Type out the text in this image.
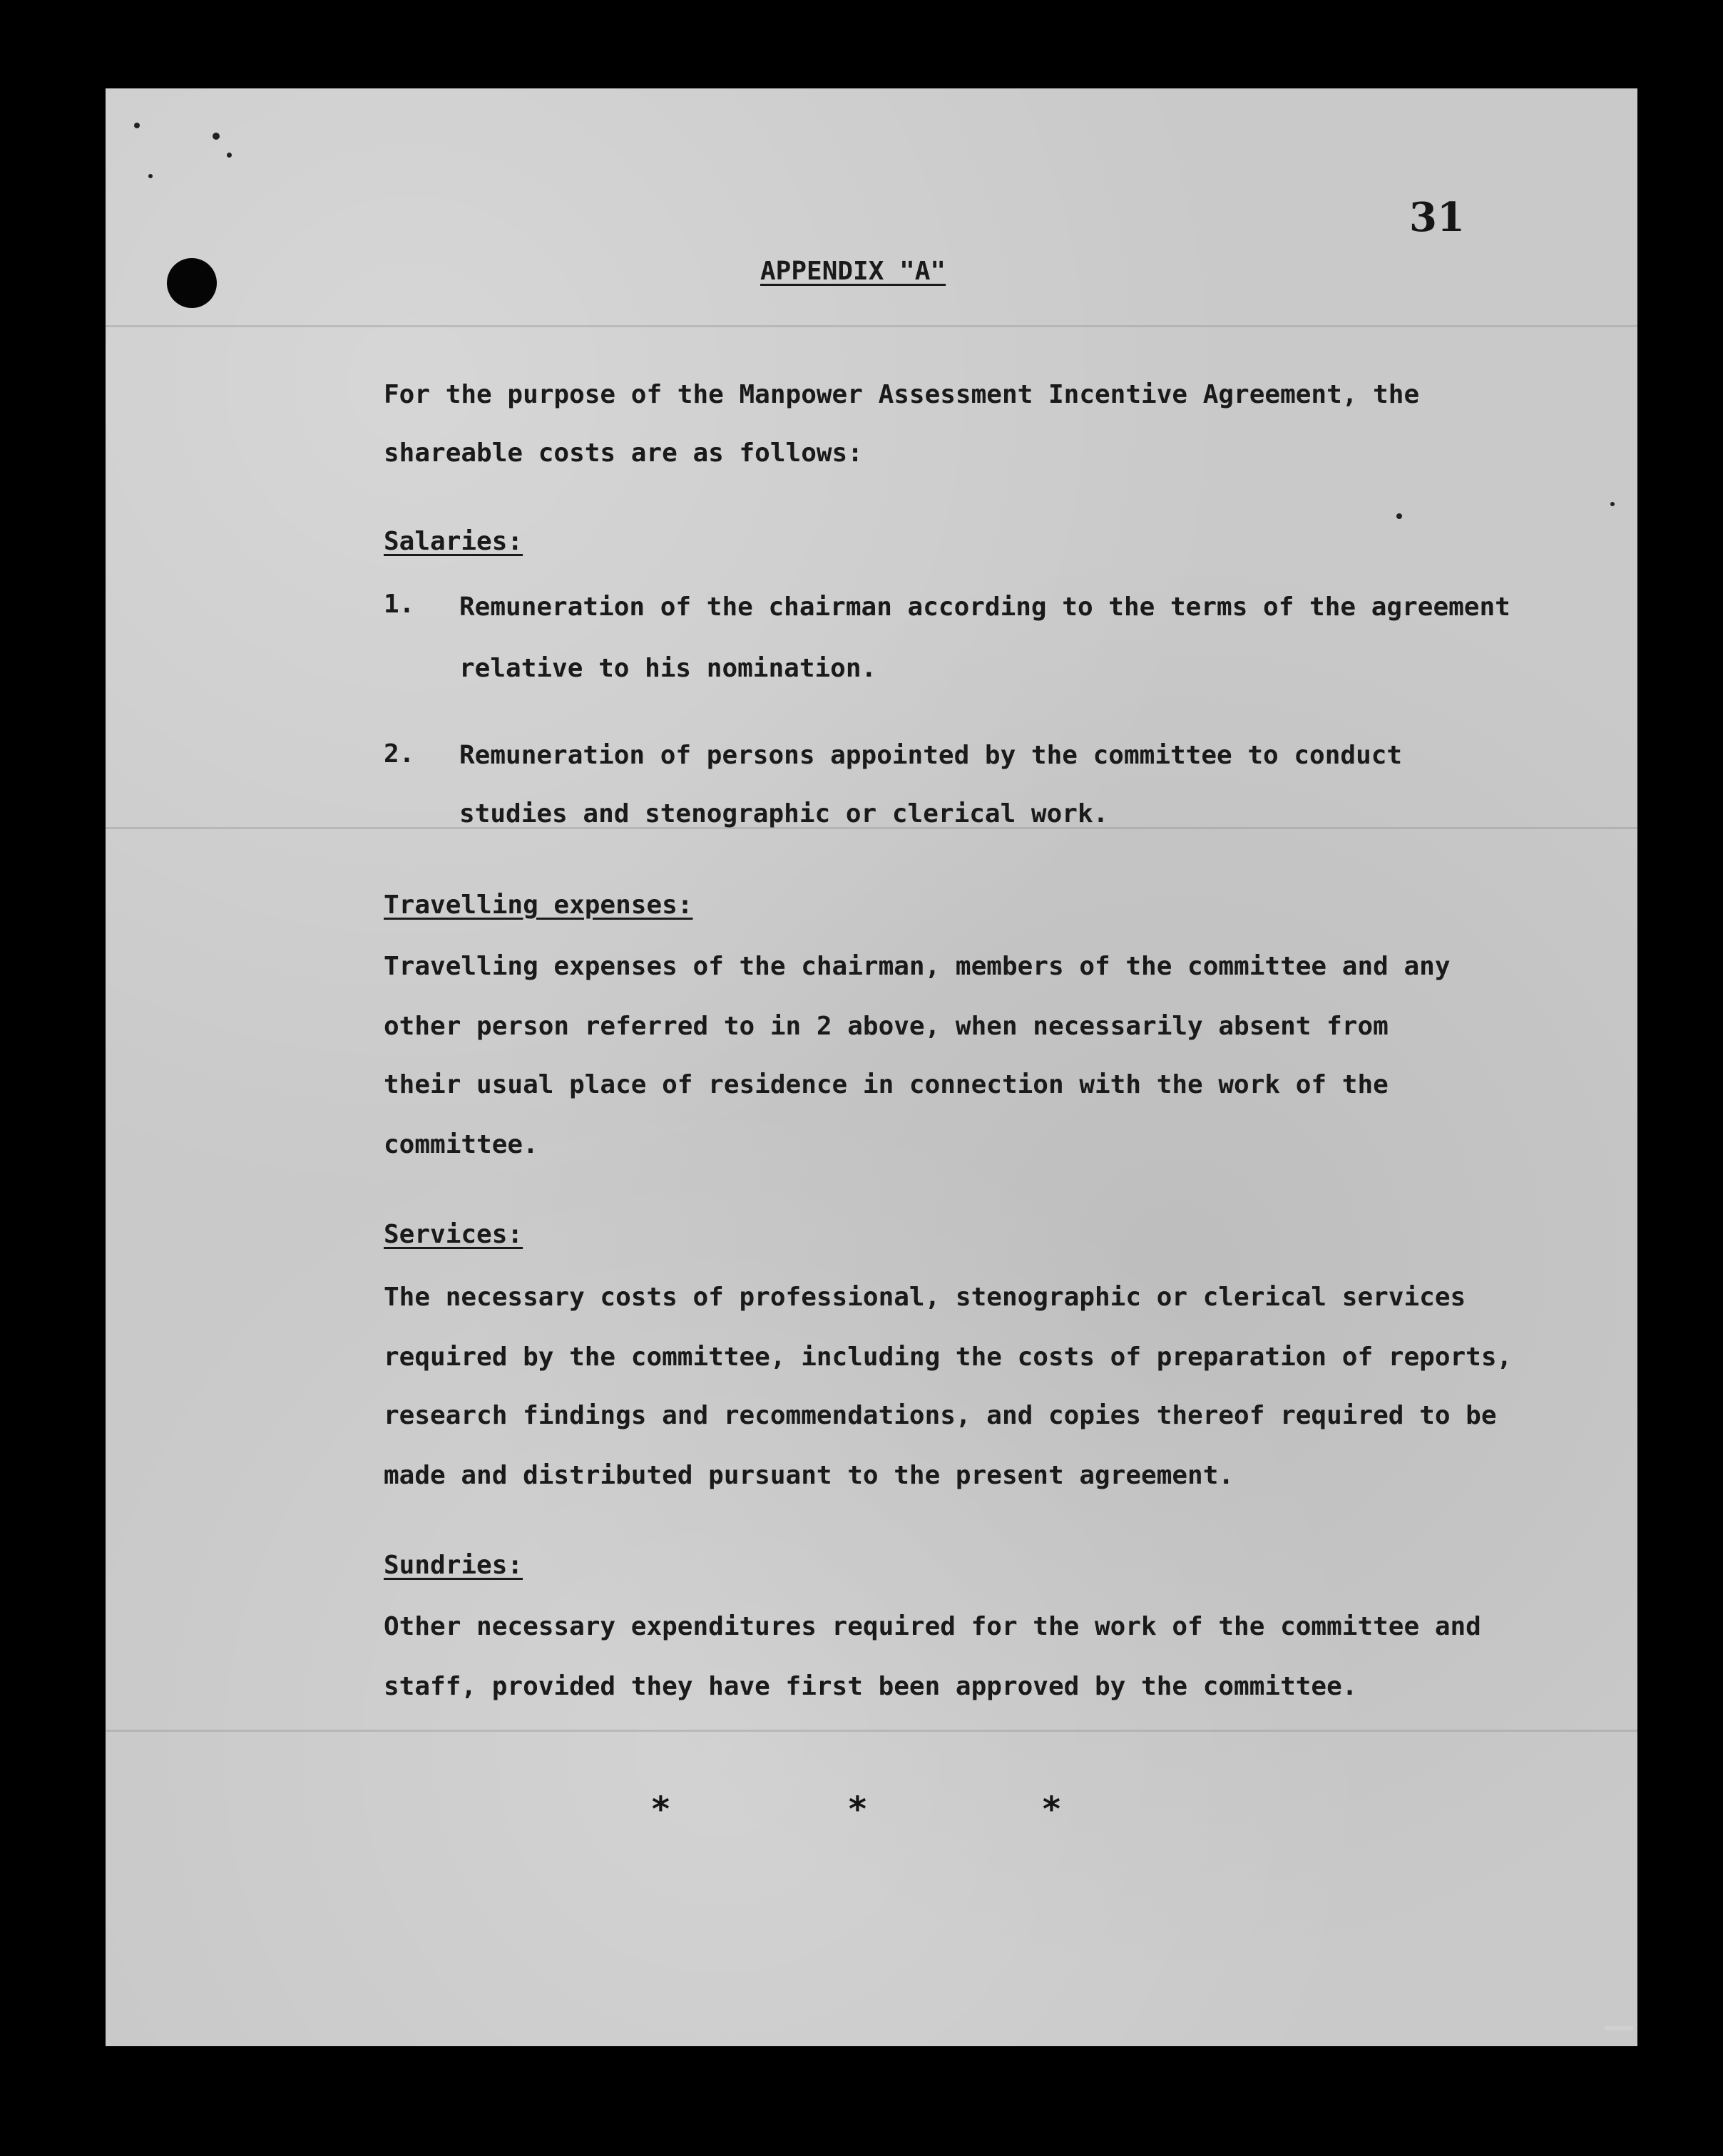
31
APPENDIX "A"
For the purpose of the Manpower Assessment Incentive Agreement, the
shareable costs are as follows:
Salaries:
1. Remuneration of the chairman according to the terms of the agreement
relative to his nomination.
2. Remuneration of persons appointed by the committee to conduct
studies and stenographic or clerical work.
Travelling expenses:
Travelling expenses of the chairman, members of the committee and any
other person referred to in 2 above, when necessarily absent from
their usual place of residence in connection with the work of the
committee.
Services:
The necessary costs of professional, stenographic or clerical services
required by the committee, including the costs of preparation of reports,
research findings and recommendations, and copies thereof required to be
made and distributed pursuant to the present agreement.
Sundries:
Other necessary expenditures required for the work of the committee and
staff, provided they have first been approved by the committee.
*	*	*
